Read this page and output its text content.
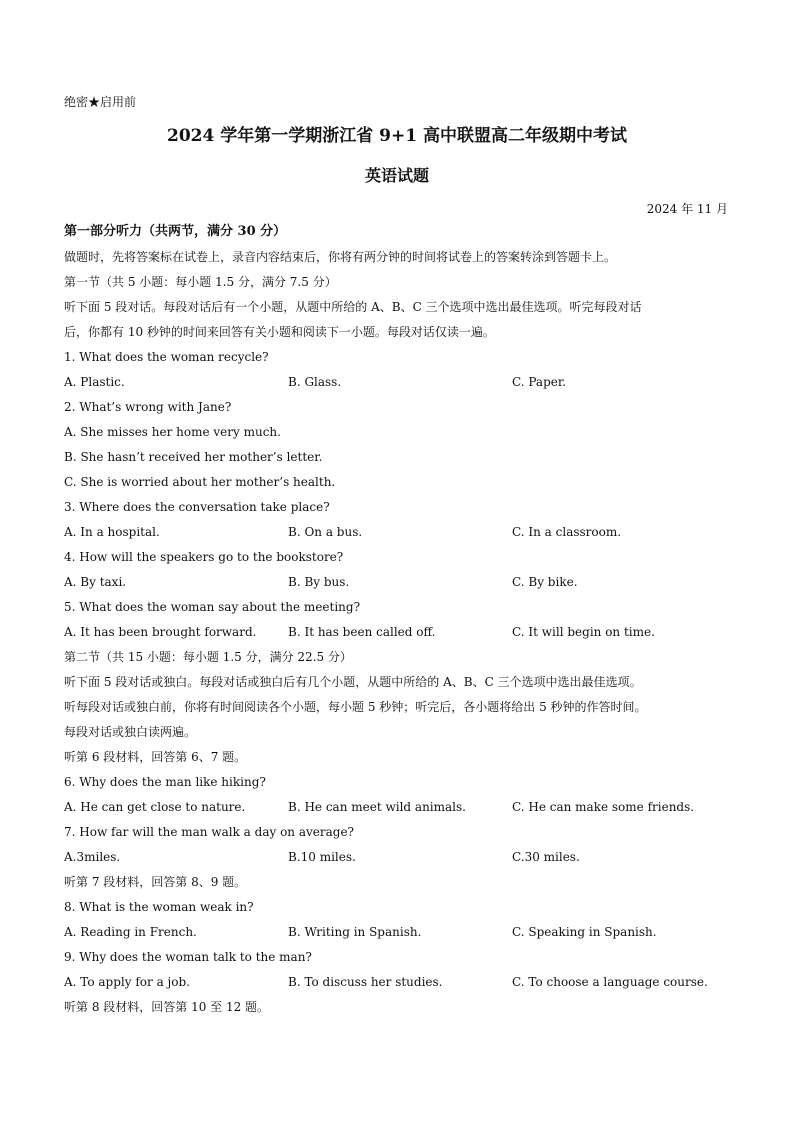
绝密★启用前
2024 学年第一学期浙江省 9+1 高中联盟高二年级期中考试
英语试题
2024 年 11 月
第一部分听力（共两节，满分 30 分）
做题时，先将答案标在试卷上，录音内容结束后，你将有两分钟的时间将试卷上的答案转涂到答题卡上。
第一节（共 5 小题：每小题 1.5 分，满分 7.5 分）
听下面 5 段对话。每段对话后有一个小题，从题中所给的 A、B、C 三个选项中选出最佳选项。听完每段对话
后，你都有 10 秒钟的时间来回答有关小题和阅读下一小题。每段对话仅读一遍。
1. What does the woman recycle?
A. Plastic.	B. Glass.	C. Paper.
2. What’s wrong with Jane?
A. She misses her home very much.
B. She hasn’t received her mother’s letter.
C. She is worried about her mother’s health.
3. Where does the conversation take place?
A. In a hospital.	B. On a bus.	C. In a classroom.
4. How will the speakers go to the bookstore?
A. By taxi.	B. By bus.	C. By bike.
5. What does the woman say about the meeting?
A. It has been brought forward.	B. It has been called off.	C. It will begin on time.
第二节（共 15 小题：每小题 1.5 分，满分 22.5 分）
听下面 5 段对话或独白。每段对话或独白后有几个小题，从题中所给的 A、B、C 三个选项中选出最佳选项。
听每段对话或独白前，你将有时间阅读各个小题，每小题 5 秒钟；听完后，各小题将给出 5 秒钟的作答时间。
每段对话或独白读两遍。
听第 6 段材料，回答第 6、7 题。
6. Why does the man like hiking?
A. He can get close to nature.	B. He can meet wild animals.	C. He can make some friends.
7. How far will the man walk a day on average?
A.3miles.	B.10 miles.	C.30 miles.
听第 7 段材料，回答第 8、9 题。
8. What is the woman weak in?
A. Reading in French.	B. Writing in Spanish.	C. Speaking in Spanish.
9. Why does the woman talk to the man?
A. To apply for a job.	B. To discuss her studies.	C. To choose a language course.
听第 8 段材料，回答第 10 至 12 题。
